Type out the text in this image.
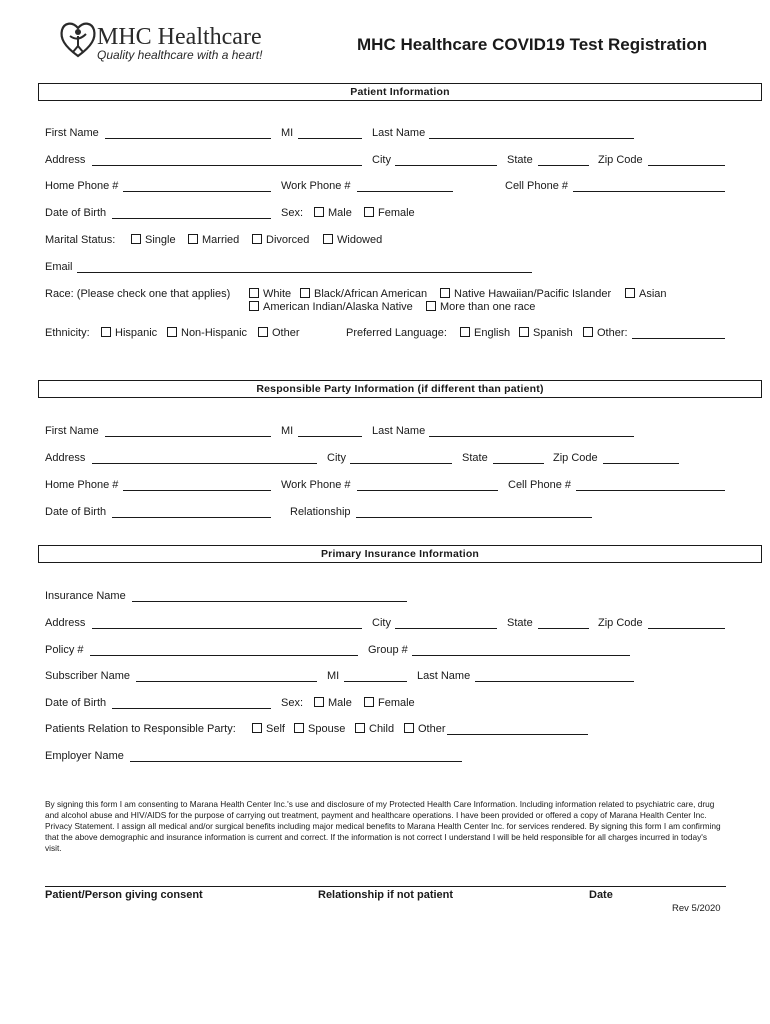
MHC Healthcare
Quality healthcare with a heart!
MHC Healthcare COVID19 Test Registration
Patient Information
First Name	MI	Last Name
Address	City	State	Zip Code
Home Phone #	Work Phone #	Cell Phone #
Date of Birth	Sex:	Male	Female
Marital Status:	Single	Married	Divorced	Widowed
Email
Race: (Please check one that applies)	White	Black/African American	Native Hawaiian/Pacific Islander	Asian
American Indian/Alaska Native	More than one race
Ethnicity:	Hispanic	Non-Hispanic	Other	Preferred Language:	English	Spanish	Other:
Responsible Party Information (if different than patient)
First Name	MI	Last Name
Address	City	State	Zip Code
Home Phone #	Work Phone #	Cell Phone #
Date of Birth	Relationship
Primary Insurance Information
Insurance Name
Address	City	State	Zip Code
Policy #	Group #
Subscriber Name	MI	Last Name
Date of Birth	Sex:	Male	Female
Patients Relation to Responsible Party:	Self	Spouse	Child	Other
Employer Name
By signing this form I am consenting to Marana Health Center Inc.'s use and disclosure of my Protected Health Care Information. Including information related to psychiatric care, drug and alcohol abuse and HIV/AIDS for the purpose of carrying out treatment, payment and healthcare operations. I have been provided or offered a copy of Marana Health Center Inc. Privacy Statement. I assign all medical and/or surgical benefits including major medical benefits to Marana Health Center Inc. for services rendered. By signing this form I am confirming that the above demographic and insurance information is current and correct. If the information is not correct I understand I will be held responsible for all charges incurred in today's visit.
Patient/Person giving consent	Relationship if not patient	Date
Rev 5/2020
